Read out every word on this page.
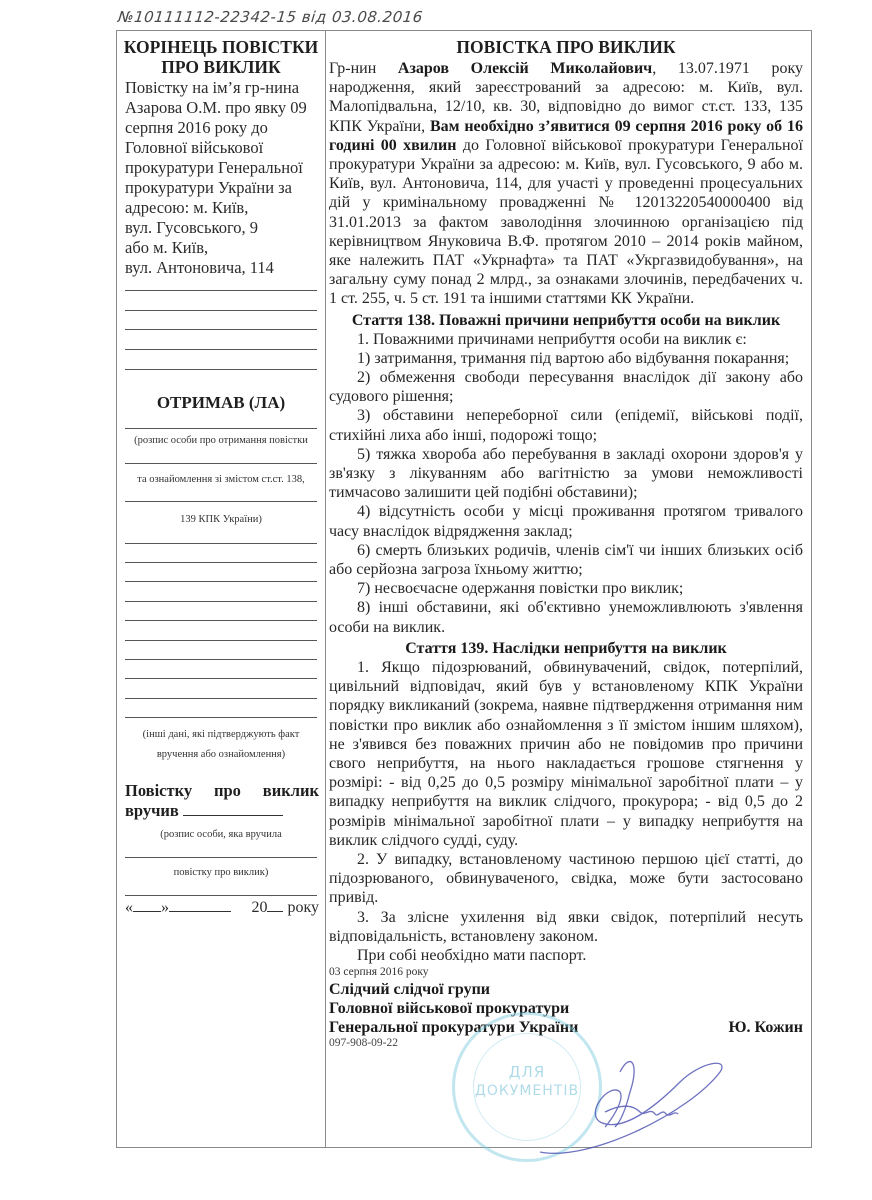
№10111112-22342-15 від 03.08.2016
КОРІНЕЦЬ ПОВІСТКИ
ПРО ВИКЛИК
Повістку на ім’я гр-нина
Азарова О.М. про явку 09
серпня 2016 року до
Головної військової
прокуратури Генеральної
прокуратури України за
адресою: м. Київ,
вул. Гусовського, 9
або м. Київ,
вул. Антоновича, 114
ОТРИМАВ (ЛА)
(розпис особи про отримання повістки
та ознайомлення зі змістом ст.ст. 138,
139 КПК України)
(інші дані, які підтверджують факт
вручення або ознайомлення)
Повістку про виклик
вручив
(розпис особи, яка вручила
повістку про виклик)
« »	20 року
ПОВІСТКА ПРО ВИКЛИК
Гр-нин Азаров Олексій Миколайович, 13.07.1971 року народження, який зареєстрований за адресою: м. Київ, вул. Малопідвальна, 12/10, кв. 30, відповідно до вимог ст.ст. 133, 135 КПК України, Вам необхідно з’явитися 09 серпня 2016 року об 16 годині 00 хвилин до Головної військової прокуратури Генеральної прокуратури України за адресою: м. Київ, вул. Гусовського, 9 або м. Київ, вул. Антоновича, 114, для участі у проведенні процесуальних дій у кримінальному провадженні № 12013220540000400 від 31.01.2013 за фактом заволодіння злочинною організацією під керівництвом Януковича В.Ф. протягом 2010 – 2014 років майном, яке належить ПАТ «Укрнафта» та ПАТ «Укргазвидобування», на загальну суму понад 2 млрд., за ознаками злочинів, передбачених ч. 1 ст. 255, ч. 5 ст. 191 та іншими статтями КК України.
Стаття 138. Поважні причини неприбуття особи на виклик
1. Поважними причинами неприбуття особи на виклик є:
1) затримання, тримання під вартою або відбування покарання;
2) обмеження свободи пересування внаслідок дії закону або судового рішення;
3) обставини непереборної сили (епідемії, військові події, стихійні лиха або інші, подорожі тощо;
5) тяжка хвороба або перебування в закладі охорони здоров'я у зв'язку з лікуванням або вагітністю за умови неможливості тимчасово залишити цей подібні обставини);
4) відсутність особи у місці проживання протягом тривалого часу внаслідок відрядження заклад;
6) смерть близьких родичів, членів сім'ї чи інших близьких осіб або серйозна загроза їхньому життю;
7) несвоєчасне одержання повістки про виклик;
8) інші обставини, які об'єктивно унеможливлюють з'явлення особи на виклик.
Стаття 139. Наслідки неприбуття на виклик
1. Якщо підозрюваний, обвинувачений, свідок, потерпілий, цивільний відповідач, який був у встановленому КПК України порядку викликаний (зокрема, наявне підтвердження отримання ним повістки про виклик або ознайомлення з її змістом іншим шляхом), не з'явився без поважних причин або не повідомив про причини свого неприбуття, на нього накладається грошове стягнення у розмірі: - від 0,25 до 0,5 розміру мінімальної заробітної плати – у випадку неприбуття на виклик слідчого, прокурора; - від 0,5 до 2 розмірів мінімальної заробітної плати – у випадку неприбуття на виклик слідчого судді, суду.
2. У випадку, встановленому частиною першою цієї статті, до підозрюваного, обвинуваченого, свідка, може бути застосовано привід.
3. За злісне ухилення від явки свідок, потерпілий несуть відповідальність, встановлену законом.
При собі необхідно мати паспорт.
03 серпня 2016 року
Слідчий слідчої групи
Головної військової прокуратури
Генеральної прокуратури України	Ю. Кожин
097-908-09-22
ДЛЯ
ДОКУМЕНТІВ
